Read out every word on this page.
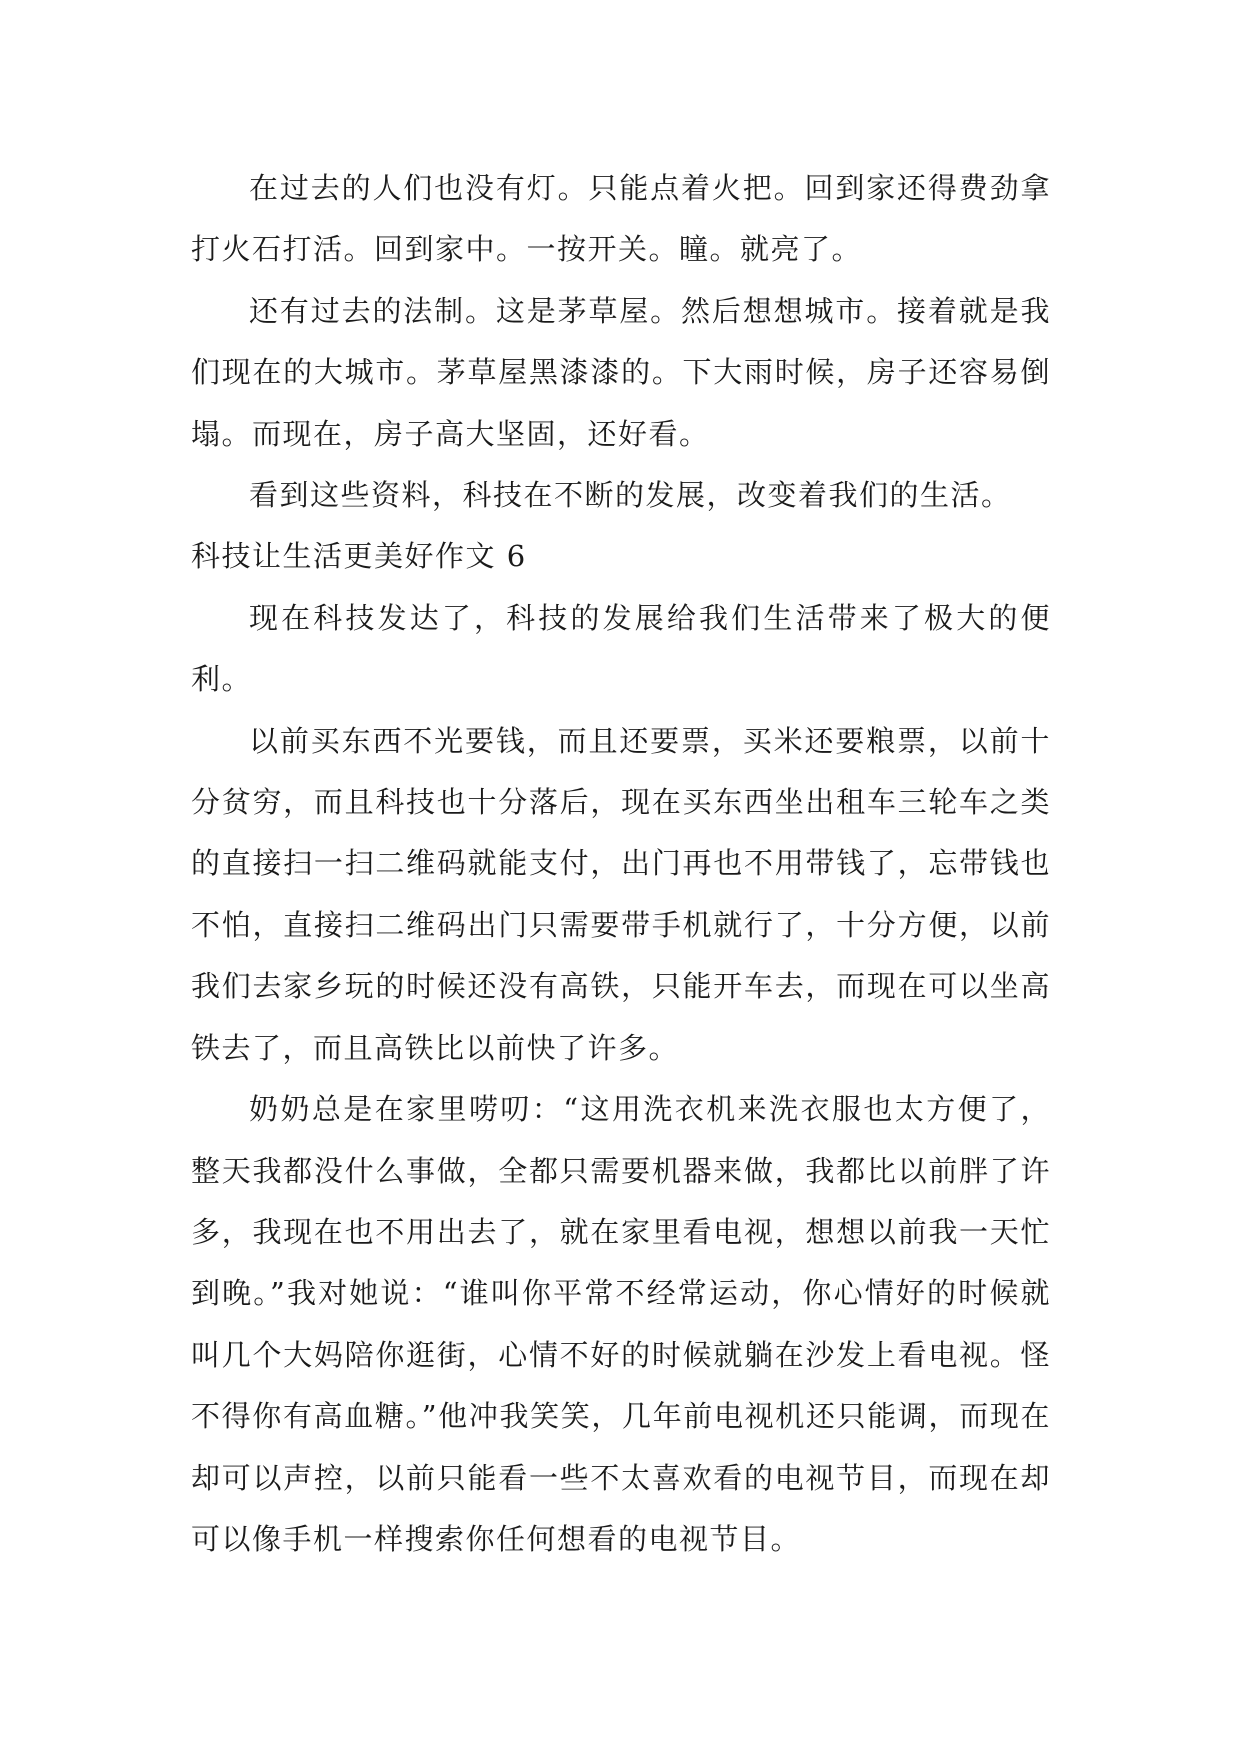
在过去的人们也没有灯。只能点着火把。回到家还得费劲拿打火石打活。回到家中。一按开关。瞳。就亮了。

还有过去的法制。这是茅草屋。然后想想城市。接着就是我们现在的大城市。茅草屋黑漆漆的。下大雨时候，房子还容易倒塌。而现在，房子高大坚固，还好看。

看到这些资料，科技在不断的发展，改变着我们的生活。

科技让生活更美好作文 6

现在科技发达了，科技的发展给我们生活带来了极大的便利。

以前买东西不光要钱，而且还要票，买米还要粮票，以前十分贫穷，而且科技也十分落后，现在买东西坐出租车三轮车之类的直接扫一扫二维码就能支付，出门再也不用带钱了，忘带钱也不怕，直接扫二维码出门只需要带手机就行了，十分方便，以前我们去家乡玩的时候还没有高铁，只能开车去，而现在可以坐高铁去了，而且高铁比以前快了许多。

奶奶总是在家里唠叨：“这用洗衣机来洗衣服也太方便了，整天我都没什么事做，全都只需要机器来做，我都比以前胖了许多，我现在也不用出去了，就在家里看电视，想想以前我一天忙到晚。”我对她说：“谁叫你平常不经常运动，你心情好的时候就叫几个大妈陪你逛街，心情不好的时候就躺在沙发上看电视。怪不得你有高血糖。”他冲我笑笑，几年前电视机还只能调，而现在却可以声控，以前只能看一些不太喜欢看的电视节目，而现在却可以像手机一样搜索你任何想看的电视节目。
